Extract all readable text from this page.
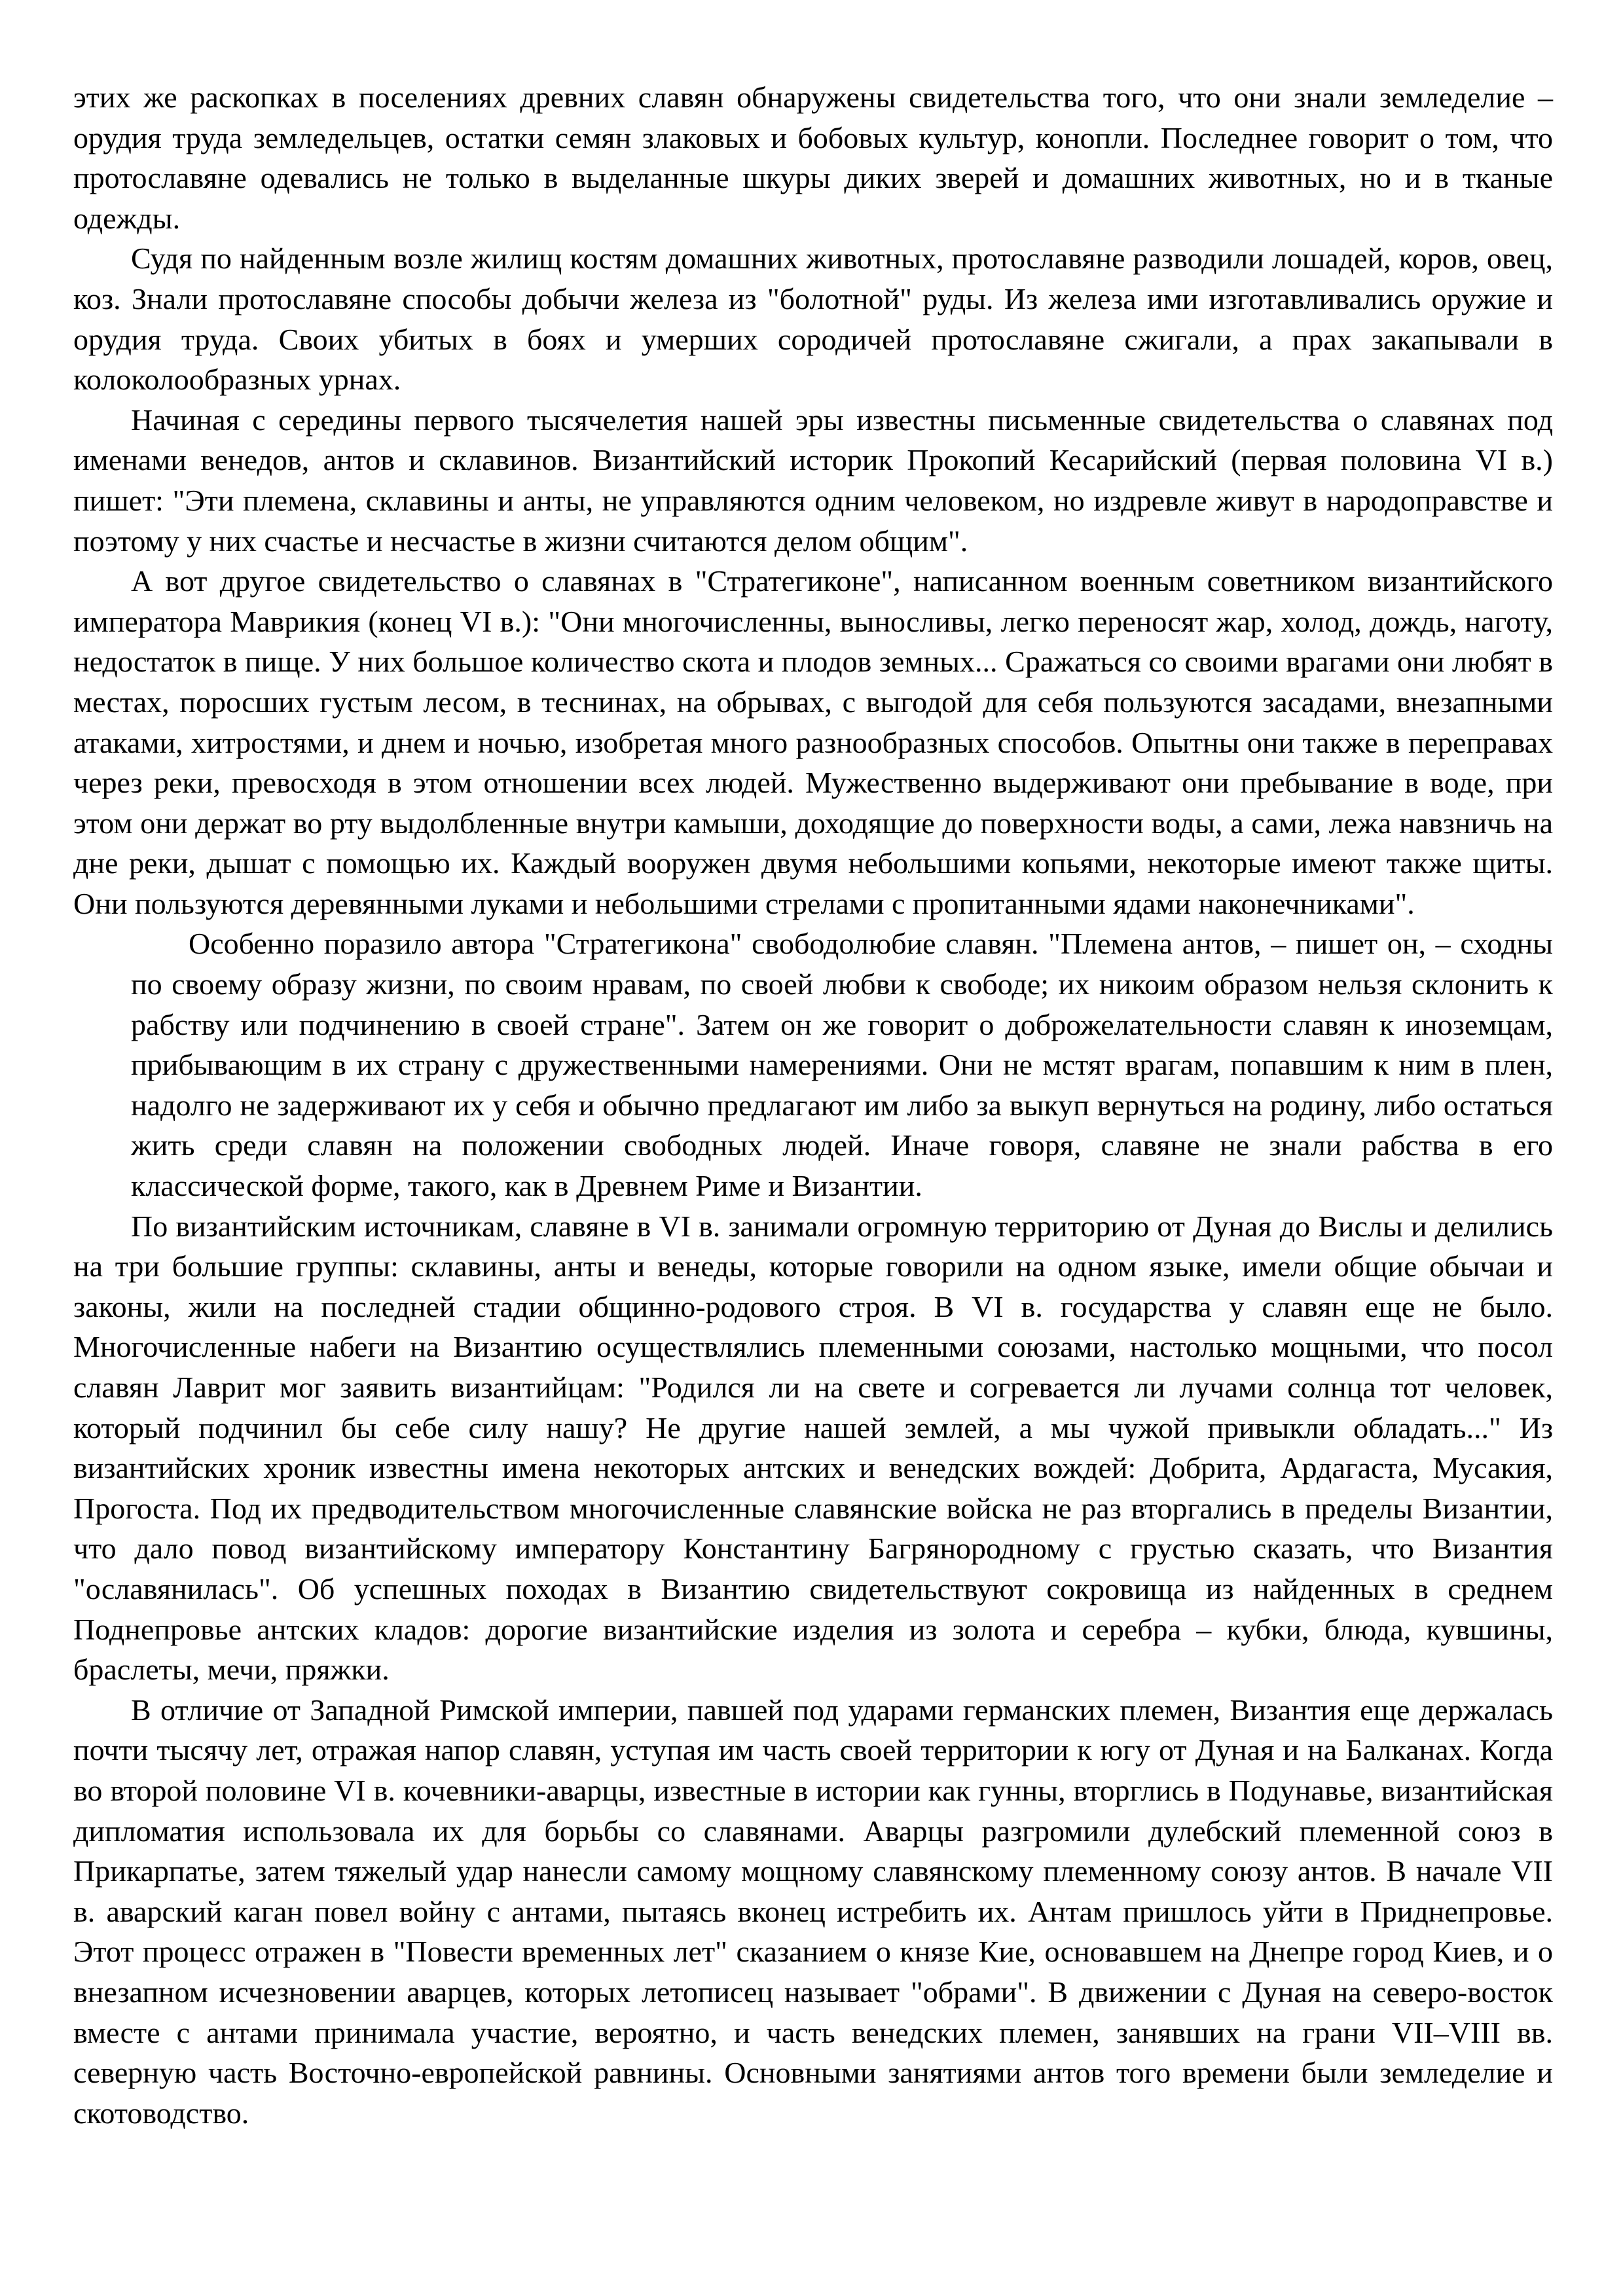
этих же раскопках в поселениях древних славян обнаружены свидетельства того, что они знали земледелие – орудия труда земледельцев, остатки семян злаковых и бобовых культур, конопли. Последнее говорит о том, что протославяне одевались не только в выделанные шкуры диких зверей и домашних животных, но и в тканые одежды.

Судя по найденным возле жилищ костям домашних животных, протославяне разводили лошадей, коров, овец, коз. Знали протославяне способы добычи железа из "болотной" руды. Из железа ими изготавливались оружие и орудия труда. Своих убитых в боях и умерших сородичей протославяне сжигали, а прах закапывали в колоколообразных урнах.

Начиная с середины первого тысячелетия нашей эры известны письменные свидетельства о славянах под именами венедов, антов и склавинов. Византийский историк Прокопий Кесарийский (первая половина VI в.) пишет: "Эти племена, склавины и анты, не управляются одним человеком, но издревле живут в народоправстве и поэтому у них счастье и несчастье в жизни считаются делом общим".

А вот другое свидетельство о славянах в "Стратегиконе", написанном военным советником византийского императора Маврикия (конец VI в.): "Они многочисленны, выносливы, легко переносят жар, холод, дождь, наготу, недостаток в пище. У них большое количество скота и плодов земных... Сражаться со своими врагами они любят в местах, поросших густым лесом, в теснинах, на обрывах, с выгодой для себя пользуются засадами, внезапными атаками, хитростями, и днем и ночью, изобретая много разнообразных способов. Опытны они также в переправах через реки, превосходя в этом отношении всех людей. Мужественно выдерживают они пребывание в воде, при этом они держат во рту выдолбленные внутри камыши, доходящие до поверхности воды, а сами, лежа навзничь на дне реки, дышат с помощью их. Каждый вооружен двумя небольшими копьями, некоторые имеют также щиты. Они пользуются деревянными луками и небольшими стрелами с пропитанными ядами наконечниками".

Особенно поразило автора "Стратегикона" свободолюбие славян. "Племена антов, – пишет он, – сходны по своему образу жизни, по своим нравам, по своей любви к свободе; их никоим образом нельзя склонить к рабству или подчинению в своей стране". Затем он же говорит о доброжелательности славян к иноземцам, прибывающим в их страну с дружественными намерениями. Они не мстят врагам, попавшим к ним в плен, надолго не задерживают их у себя и обычно предлагают им либо за выкуп вернуться на родину, либо остаться жить среди славян на положении свободных людей. Иначе говоря, славяне не знали рабства в его классической форме, такого, как в Древнем Риме и Византии.

По византийским источникам, славяне в VI в. занимали огромную территорию от Дуная до Вислы и делились на три большие группы: склавины, анты и венеды, которые говорили на одном языке, имели общие обычаи и законы, жили на последней стадии общинно-родового строя. В VI в. государства у славян еще не было. Многочисленные набеги на Византию осуществлялись племенными союзами, настолько мощными, что посол славян Лаврит мог заявить византийцам: "Родился ли на свете и согревается ли лучами солнца тот человек, который подчинил бы себе силу нашу? Не другие нашей землей, а мы чужой привыкли обладать..." Из византийских хроник известны имена некоторых антских и венедских вождей: Добрита, Ардагаста, Мусакия, Прогоста. Под их предводительством многочисленные славянские войска не раз вторгались в пределы Византии, что дало повод византийскому императору Константину Багрянородному с грустью сказать, что Византия "ославянилась". Об успешных походах в Византию свидетельствуют сокровища из найденных в среднем Поднепровье антских кладов: дорогие византийские изделия из золота и серебра – кубки, блюда, кувшины, браслеты, мечи, пряжки.

В отличие от Западной Римской империи, павшей под ударами германских племен, Византия еще держалась почти тысячу лет, отражая напор славян, уступая им часть своей территории к югу от Дуная и на Балканах. Когда во второй половине VI в. кочевники-аварцы, известные в истории как гунны, вторглись в Подунавье, византийская дипломатия использовала их для борьбы со славянами. Аварцы разгромили дулебский племенной союз в Прикарпатье, затем тяжелый удар нанесли самому мощному славянскому племенному союзу антов. В начале VII в. аварский каган повел войну с антами, пытаясь вконец истребить их. Антам пришлось уйти в Приднепровье. Этот процесс отражен в "Повести временных лет" сказанием о князе Кие, основавшем на Днепре город Киев, и о внезапном исчезновении аварцев, которых летописец называет "обрами". В движении с Дуная на северо-восток вместе с антами принимала участие, вероятно, и часть венедских племен, занявших на грани VII–VIII вв. северную часть Восточно-европейской равнины. Основными занятиями антов того времени были земледелие и скотоводство.
